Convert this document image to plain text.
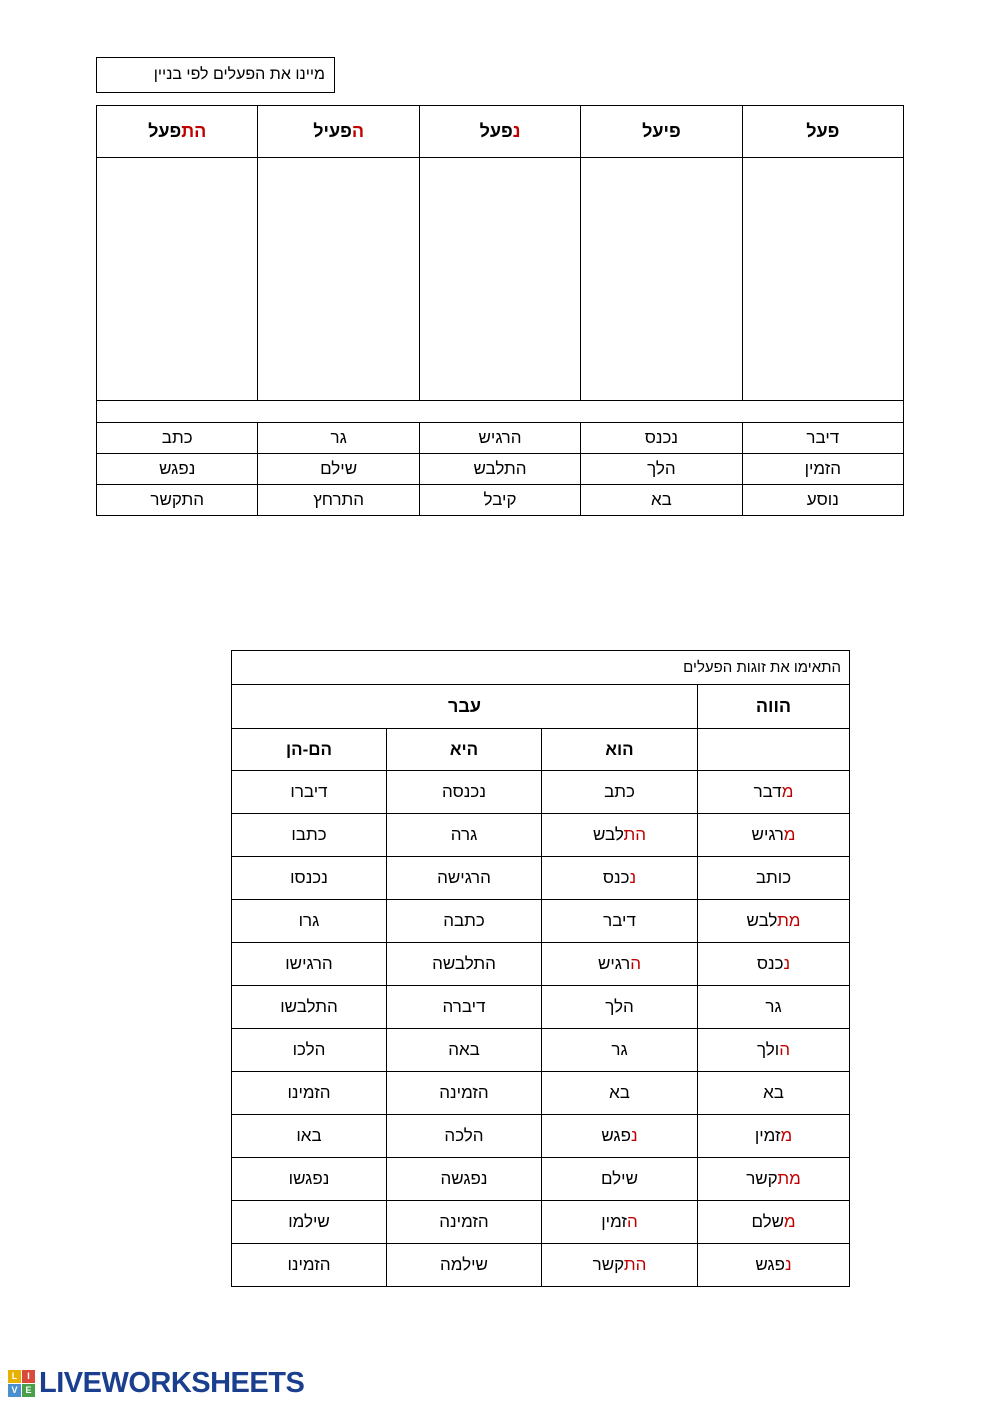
מיינו את הפעלים לפי בניין
פעל	פיעל	נפעל	הפעיל	התפעל

דיבר	נכנס	הרגיש	גר	כתב
הזמין	הלך	התלבש	שילם	נפגש
נוסע	בא	קיבל	התרחץ	התקשר
התאימו את זוגות הפעלים			
הווה	עבר		
	הוא	היא	הם-הן
מדבר	כתב	נכנסה	דיברו
מרגיש	התלבש	גרה	כתבו
כותב	נכנס	הרגישה	נכנסו
מתלבש	דיבר	כתבה	גרו
נכנס	הרגיש	התלבשה	הרגישו
גר	הלך	דיברה	התלבשו
הולך	גר	באה	הלכו
בא	בא	הזמינה	הזמינו
מזמין	נפגש	הלכה	באו
מתקשר	שילם	נפגשה	נפגשו
משלם	הזמין	הזמינה	שילמו
נפגש	התקשר	שילמה	הזמינו
L	I
V E LIVEWORKSHEETS
